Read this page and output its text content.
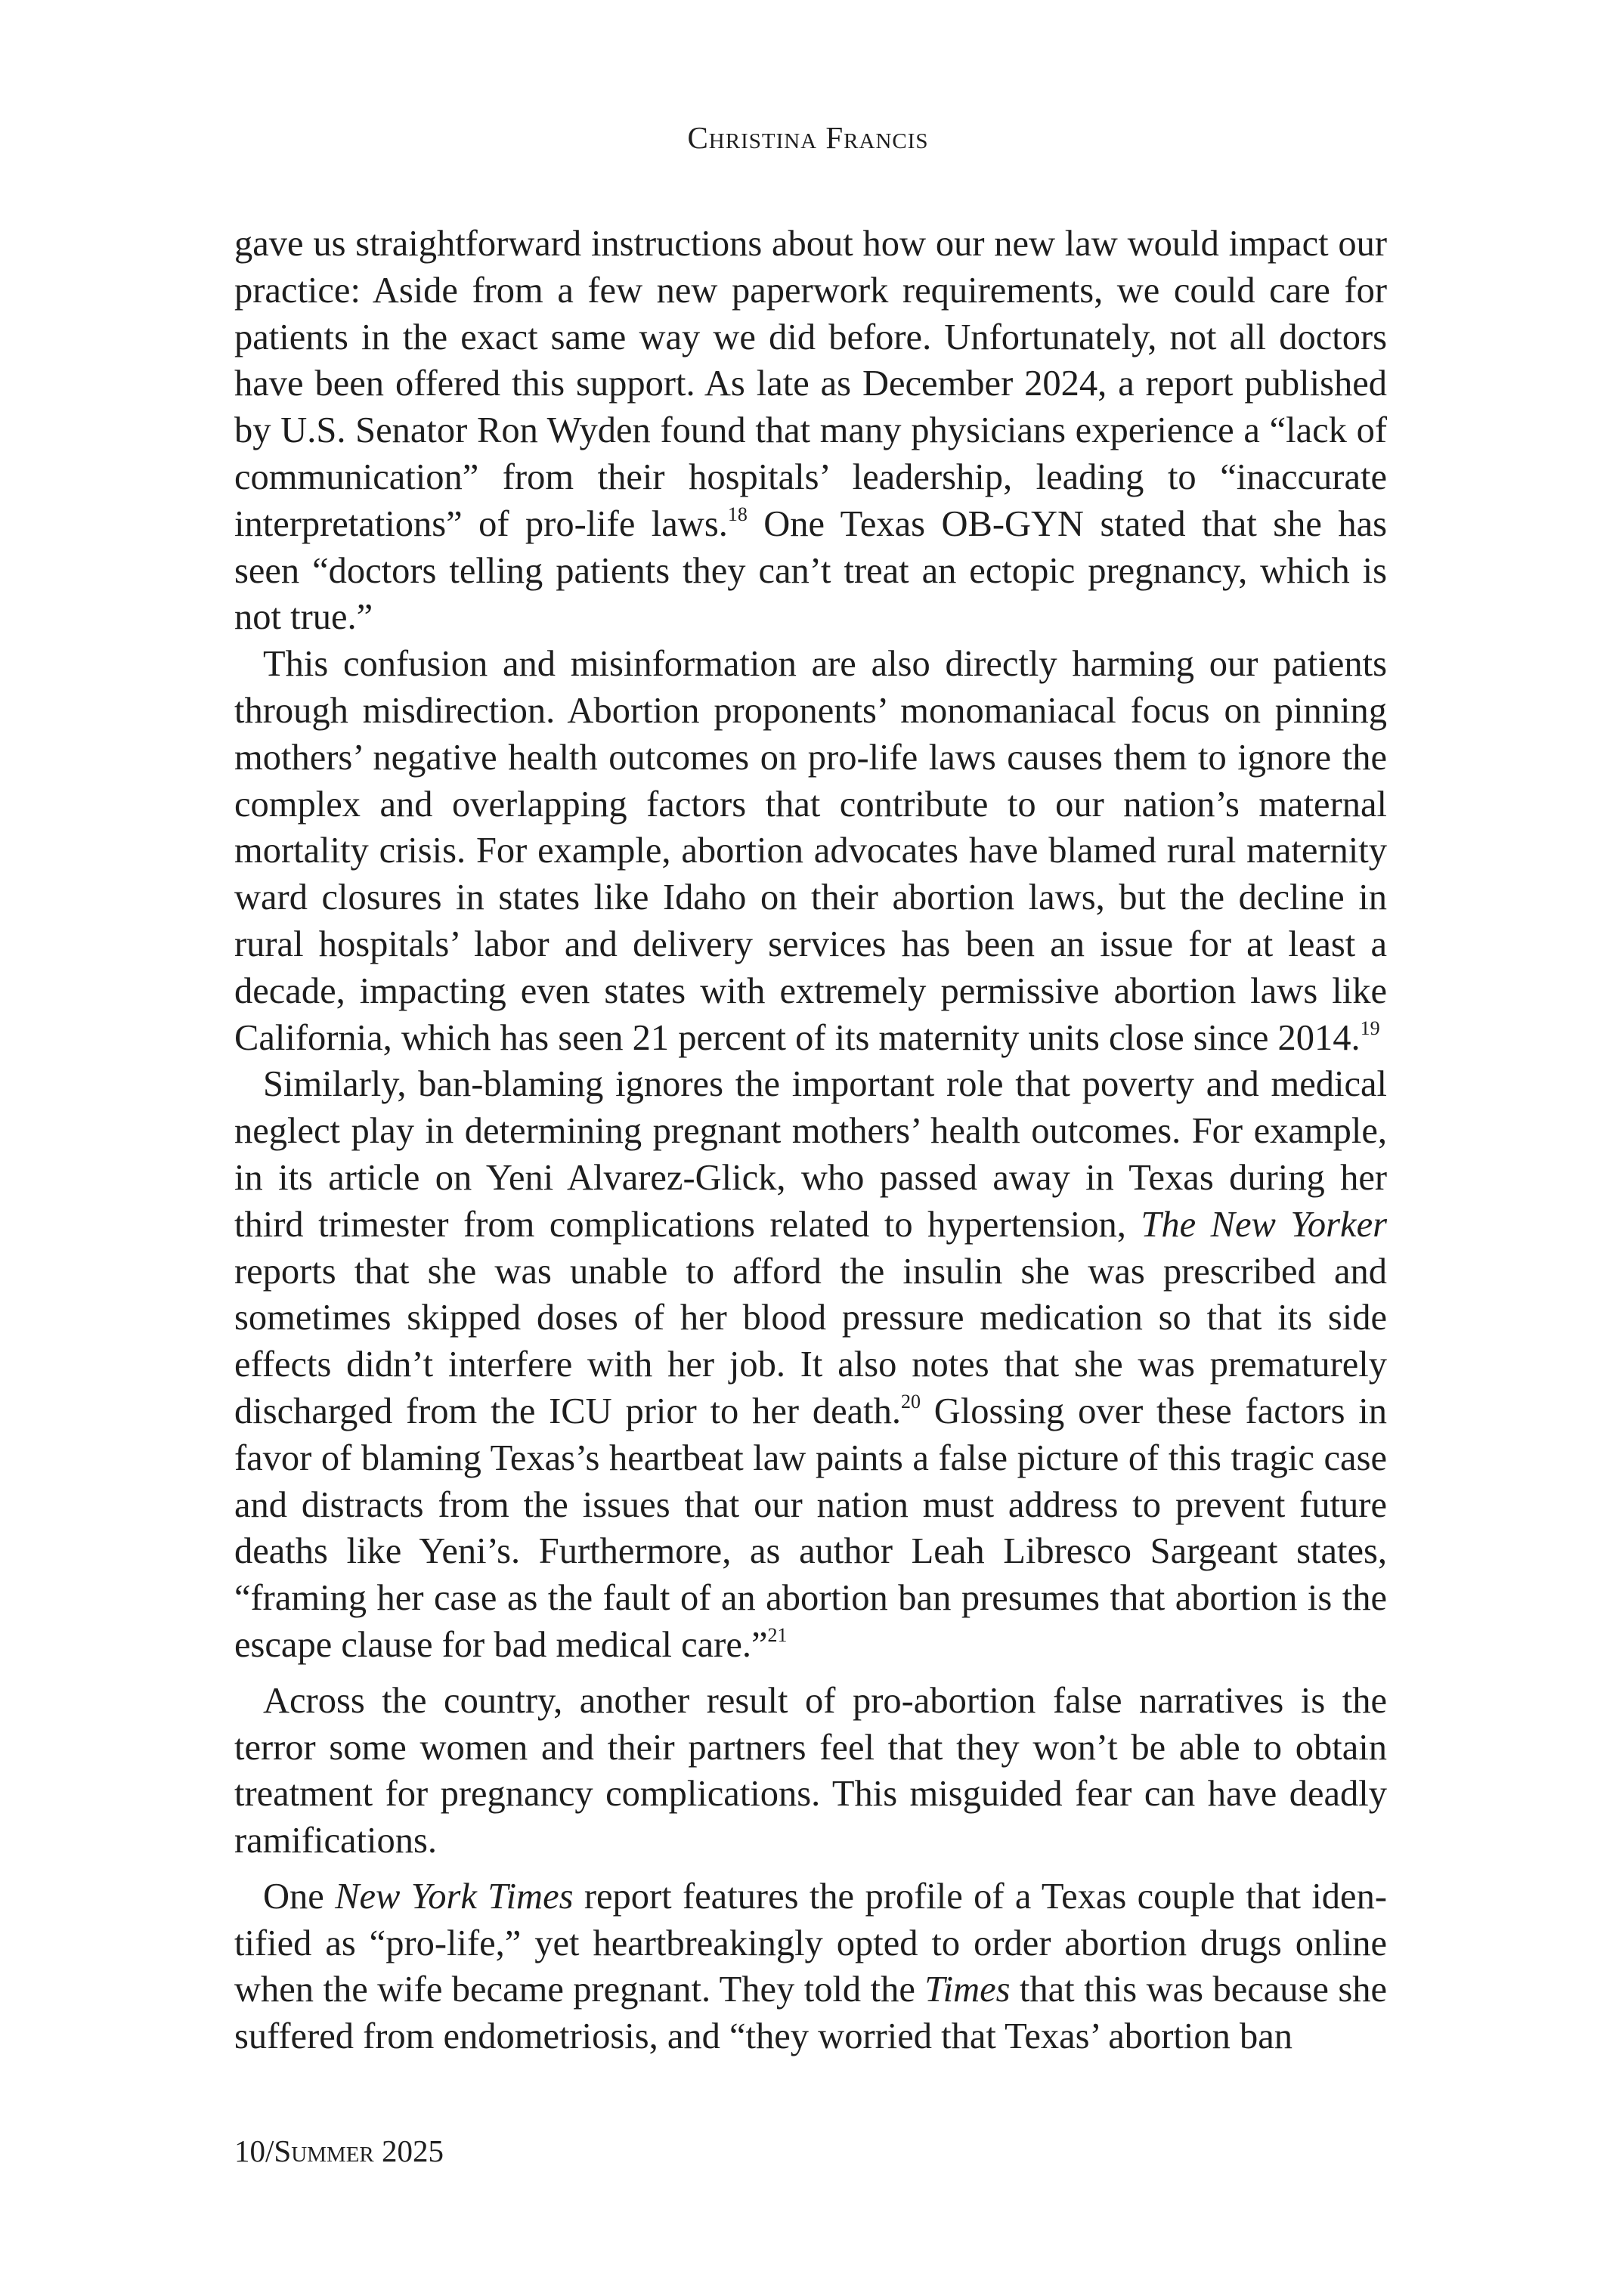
Christina Francis

gave us straightforward instructions about how our new law would impact our practice: Aside from a few new paperwork requirements, we could care for patients in the exact same way we did before. Unfortunately, not all doctors have been offered this support. As late as December 2024, a report published by U.S. Senator Ron Wyden found that many physicians experience a “lack of communication” from their hospitals’ leadership, leading to “inaccurate interpretations” of pro-life laws.$^{18}$ One Texas OB-GYN stated that she has seen “doctors telling patients they can’t treat an ectopic pregnancy, which is not true.”

This confusion and misinformation are also directly harming our patients through misdirection. Abortion proponents’ monomaniacal focus on pinning mothers’ negative health outcomes on pro-life laws causes them to ignore the complex and overlapping factors that contribute to our nation’s maternal mortality crisis. For example, abortion advocates have blamed rural maternity ward closures in states like Idaho on their abortion laws, but the decline in rural hospitals’ labor and delivery services has been an issue for at least a decade, impacting even states with extremely permissive abortion laws like California, which has seen 21 percent of its maternity units close since 2014.19

Similarly, ban-blaming ignores the important role that poverty and medical neglect play in determining pregnant mothers’ health outcomes. For example, in its article on Yeni Alvarez-Glick, who passed away in Texas during her third trimester from complications related to hypertension, The New Yorker reports that she was unable to afford the insulin she was prescribed and sometimes skipped doses of her blood pressure medication so that its side effects didn’t interfere with her job. It also notes that she was prematurely discharged from the ICU prior to her death.$^{20}$ Glossing over these factors in favor of blaming Texas’s heartbeat law paints a false picture of this tragic case and distracts from the issues that our nation must address to prevent future deaths like Yeni’s. Furthermore, as author Leah Libresco Sargeant states, “framing her case as the fault of an abortion ban presumes that abortion is the escape clause for bad medical care.”$^{21}$

Across the country, another result of pro-abortion false narratives is the terror some women and their partners feel that they won’t be able to obtain treatment for pregnancy complications. This misguided fear can have deadly ramifications.

One New York Times report features the profile of a Texas couple that identified as “pro-life,” yet heartbreakingly opted to order abortion drugs online when the wife became pregnant. They told the Times that this was because she suffered from endometriosis, and “they worried that Texas’ abortion ban

10/Summer 2025
